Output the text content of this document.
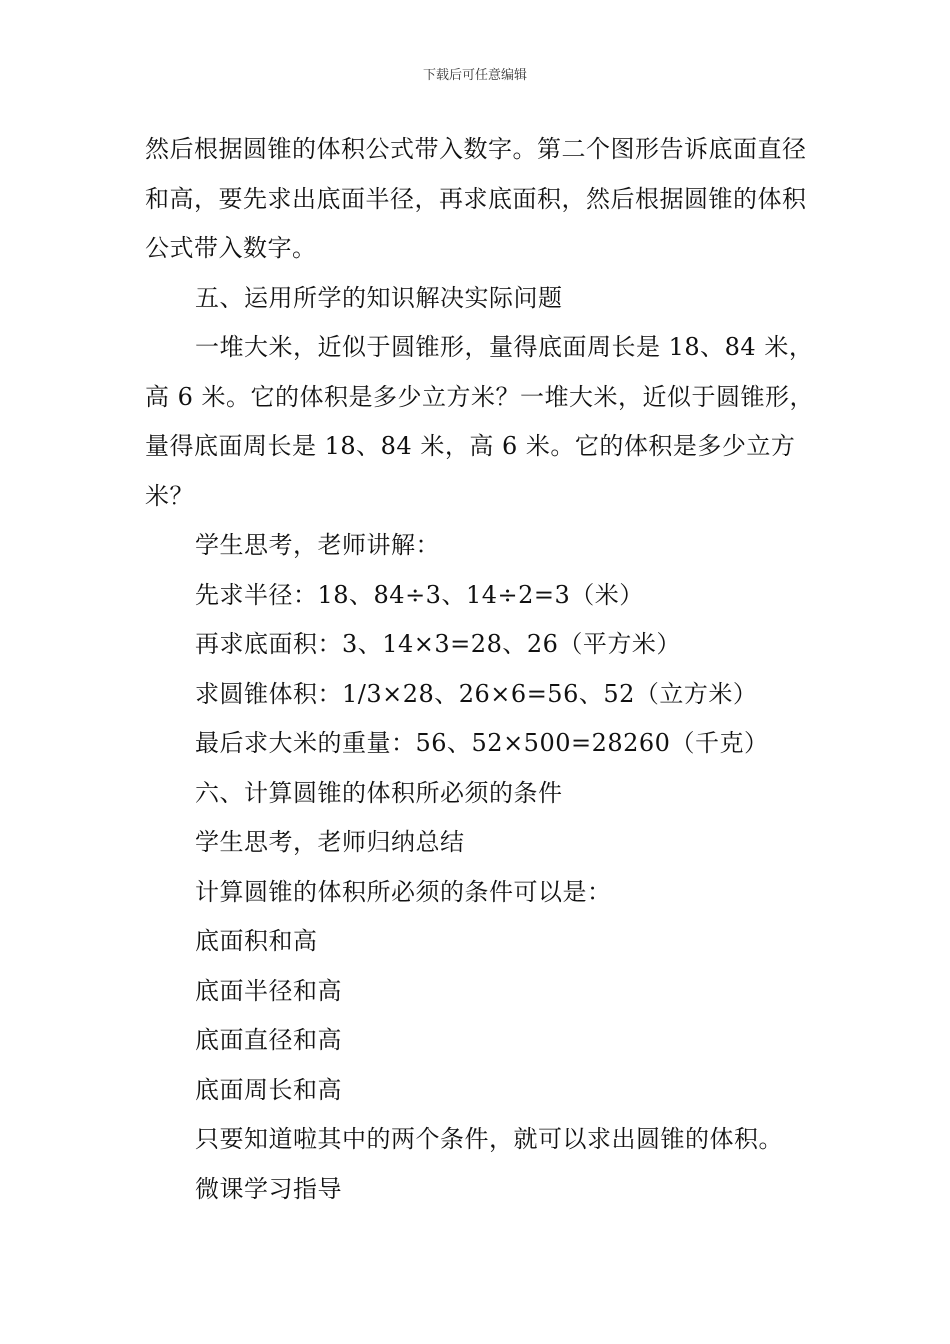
下载后可任意编辑

然后根据圆锥的体积公式带入数字。第二个图形告诉底面直径和高，要先求出底面半径，再求底面积，然后根据圆锥的体积公式带入数字。

五、运用所学的知识解决实际问题

一堆大米，近似于圆锥形，量得底面周长是 18、84 米，高 6 米。它的体积是多少立方米？一堆大米，近似于圆锥形，量得底面周长是 18、84 米，高 6 米。它的体积是多少立方米？

学生思考，老师讲解：

先求半径：18、84÷3、14÷2=3（米）

再求底面积：3、14×3=28、26（平方米）

求圆锥体积：1/3×28、26×6=56、52（立方米）

最后求大米的重量：56、52×500=28260（千克）

六、计算圆锥的体积所必须的条件

学生思考，老师归纳总结

计算圆锥的体积所必须的条件可以是：

底面积和高

底面半径和高

底面直径和高

底面周长和高

只要知道啦其中的两个条件，就可以求出圆锥的体积。

微课学习指导
